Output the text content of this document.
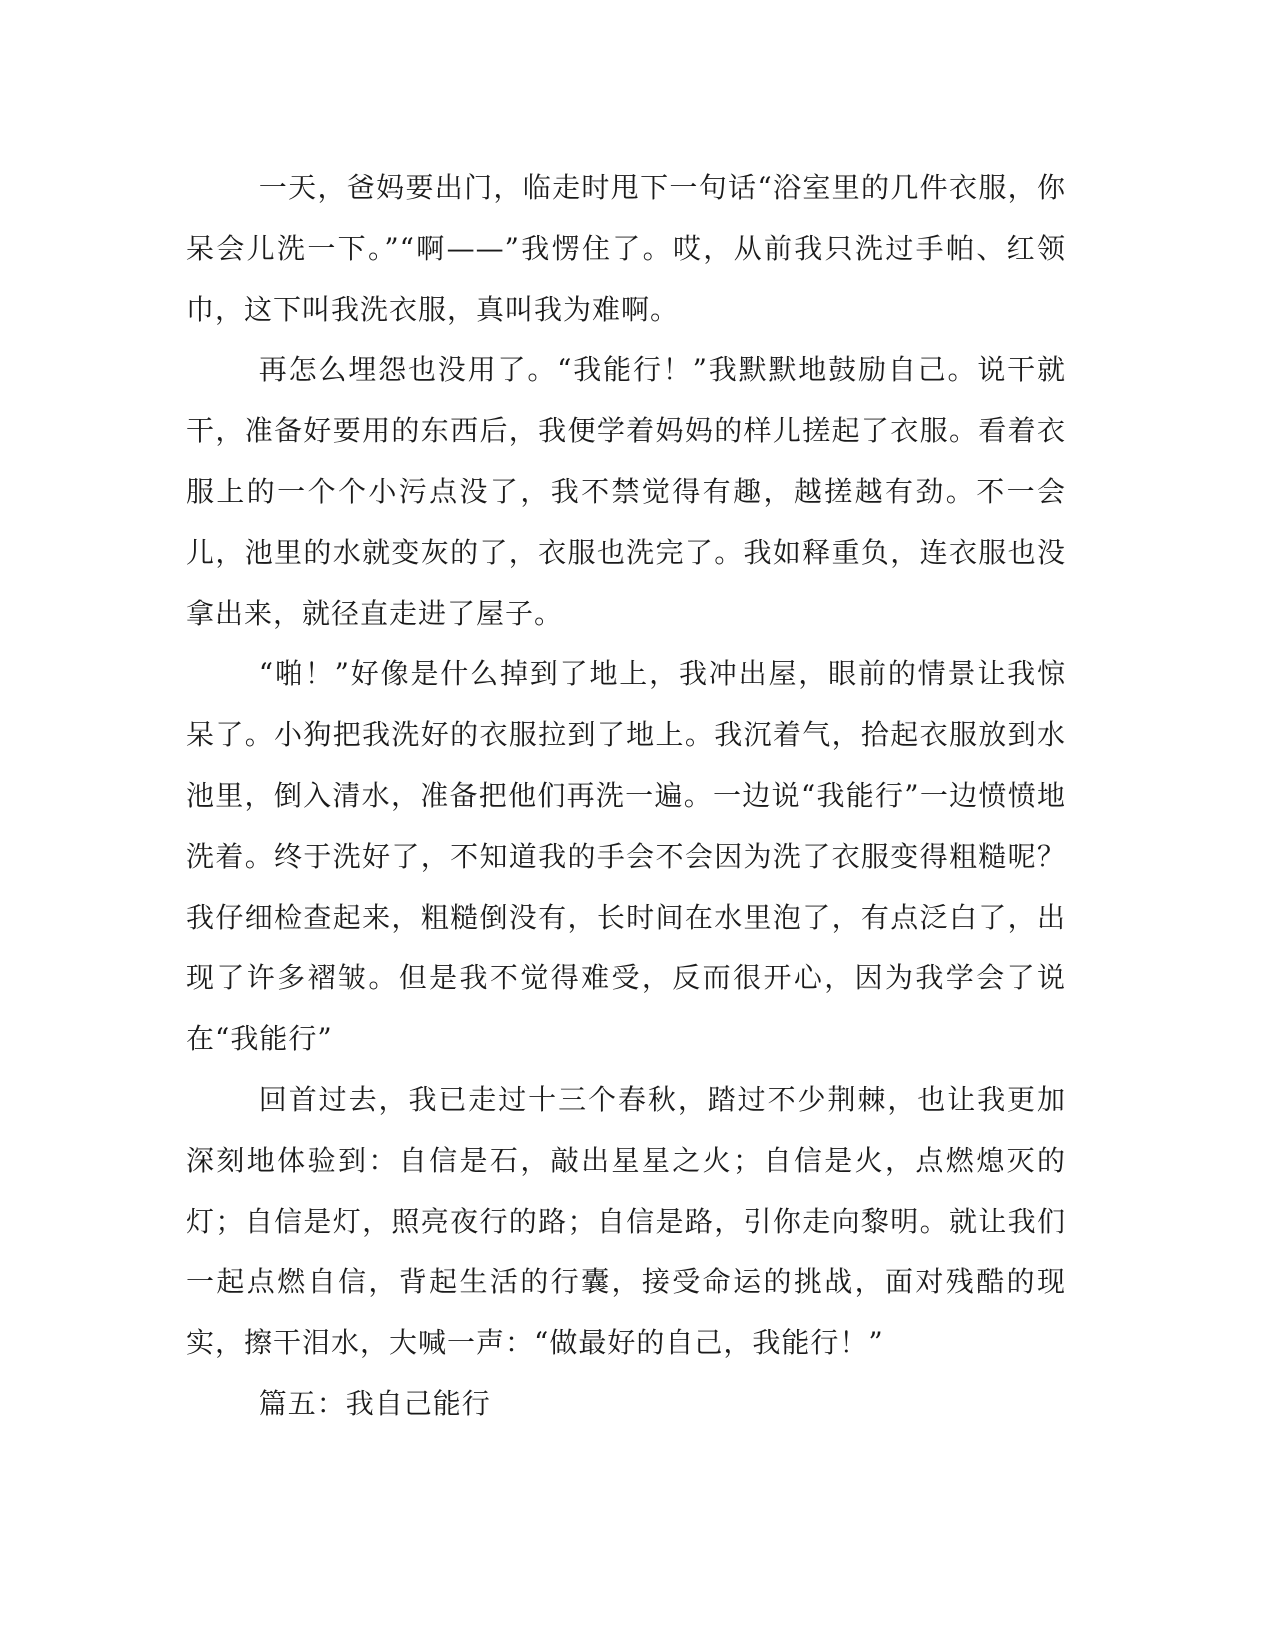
一天，爸妈要出门，临走时甩下一句话“浴室里的几件衣服，你呆会儿洗一下。”“啊——”我愣住了。哎，从前我只洗过手帕、红领巾，这下叫我洗衣服，真叫我为难啊。

再怎么埋怨也没用了。“我能行！”我默默地鼓励自己。说干就干，准备好要用的东西后，我便学着妈妈的样儿搓起了衣服。看着衣服上的一个个小污点没了，我不禁觉得有趣，越搓越有劲。不一会儿，池里的水就变灰的了，衣服也洗完了。我如释重负，连衣服也没拿出来，就径直走进了屋子。

“啪！”好像是什么掉到了地上，我冲出屋，眼前的情景让我惊呆了。小狗把我洗好的衣服拉到了地上。我沉着气，拾起衣服放到水池里，倒入清水，准备把他们再洗一遍。一边说“我能行”一边愤愤地洗着。终于洗好了，不知道我的手会不会因为洗了衣服变得粗糙呢？我仔细检查起来，粗糙倒没有，长时间在水里泡了，有点泛白了，出现了许多褶皱。但是我不觉得难受，反而很开心，因为我学会了说在“我能行”

回首过去，我已走过十三个春秋，踏过不少荆棘，也让我更加深刻地体验到：自信是石，敲出星星之火；自信是火，点燃熄灭的灯；自信是灯，照亮夜行的路；自信是路，引你走向黎明。就让我们一起点燃自信，背起生活的行囊，接受命运的挑战，面对残酷的现实，擦干泪水，大喊一声：“做最好的自己，我能行！”

篇五：我自己能行
